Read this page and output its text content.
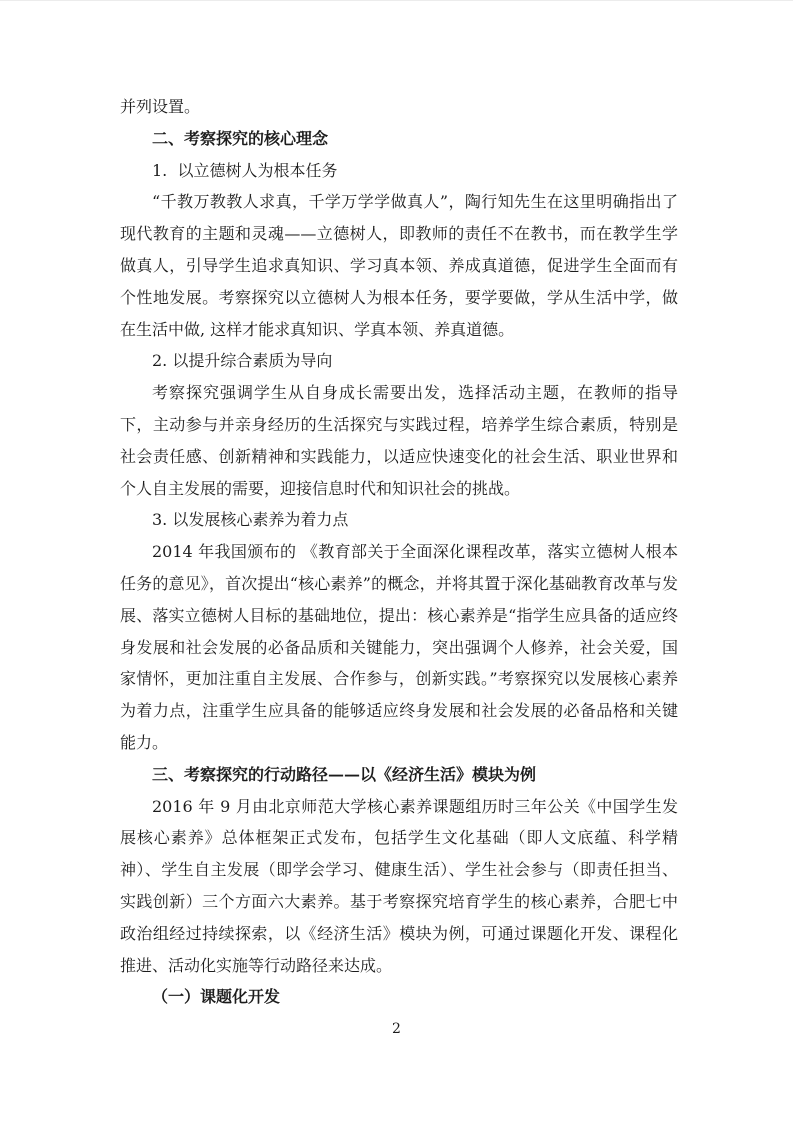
并列设置。

二、考察探究的核心理念

1.  以立德树人为根本任务

“千教万教教人求真，千学万学学做真人”，陶行知先生在这里明确指出了现代教育的主题和灵魂——立德树人，即教师的责任不在教书，而在教学生学做真人，引导学生追求真知识、学习真本领、养成真道德，促进学生全面而有个性地发展。考察探究以立德树人为根本任务，要学要做，学从生活中学，做在生活中做, 这样才能求真知识、学真本领、养真道德。

2. 以提升综合素质为导向

考察探究强调学生从自身成长需要出发，选择活动主题，在教师的指导下，主动参与并亲身经历的生活探究与实践过程，培养学生综合素质，特别是社会责任感、创新精神和实践能力，以适应快速变化的社会生活、职业世界和个人自主发展的需要，迎接信息时代和知识社会的挑战。

3. 以发展核心素养为着力点

2014 年我国颁布的 《教育部关于全面深化课程改革，落实立德树人根本任务的意见》，首次提出“核心素养”的概念，并将其置于深化基础教育改革与发展、落实立德树人目标的基础地位，提出：核心素养是“指学生应具备的适应终身发展和社会发展的必备品质和关键能力，突出强调个人修养，社会关爱，国家情怀，更加注重自主发展、合作参与，创新实践。”考察探究以发展核心素养为着力点，注重学生应具备的能够适应终身发展和社会发展的必备品格和关键能力。

三、考察探究的行动路径——以《经济生活》模块为例

2016 年 9 月由北京师范大学核心素养课题组历时三年公关《中国学生发展核心素养》总体框架正式发布，包括学生文化基础（即人文底蕴、科学精神）、学生自主发展（即学会学习、健康生活）、学生社会参与（即责任担当、实践创新）三个方面六大素养。基于考察探究培育学生的核心素养，合肥七中政治组经过持续探索，以《经济生活》模块为例，可通过课题化开发、课程化推进、活动化实施等行动路径来达成。

（一）课题化开发

2
